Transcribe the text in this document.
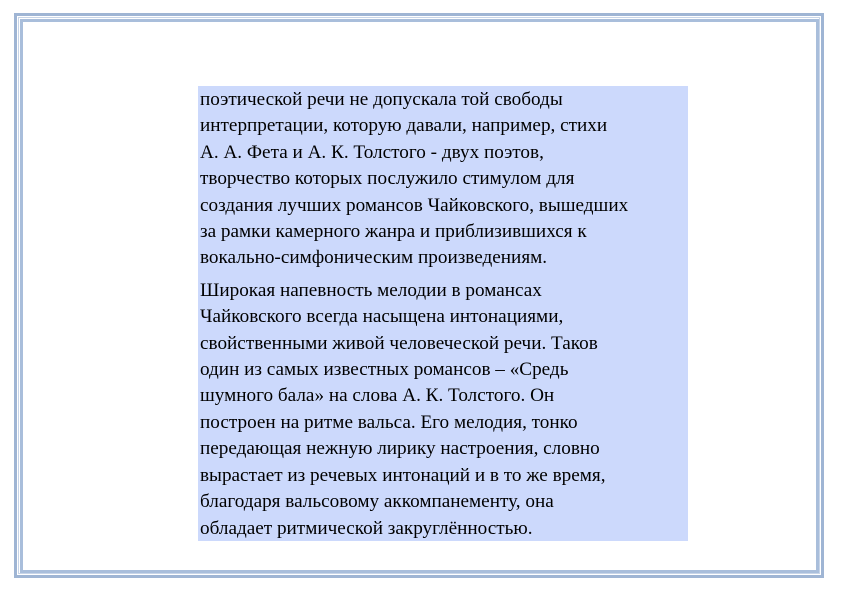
поэтической речи не допускала той свободы
интерпретации, которую давали, например, стихи
А. А. Фета и А. К. Толстого - двух поэтов,
творчество которых послужило стимулом для
создания лучших романсов Чайковского, вышедших
за рамки камерного жанра и приблизившихся к
вокально-симфоническим произведениям.

Широкая напевность мелодии в романсах
Чайковского всегда насыщена интонациями,
свойственными живой человеческой речи. Таков
один из самых известных романсов – «Средь
шумного бала» на слова А. К. Толстого. Он
построен на ритме вальса. Его мелодия, тонко
передающая нежную лирику настроения, словно
вырастает из речевых интонаций и в то же время,
благодаря вальсовому аккомпанементу, она
обладает ритмической закруглённостью.
